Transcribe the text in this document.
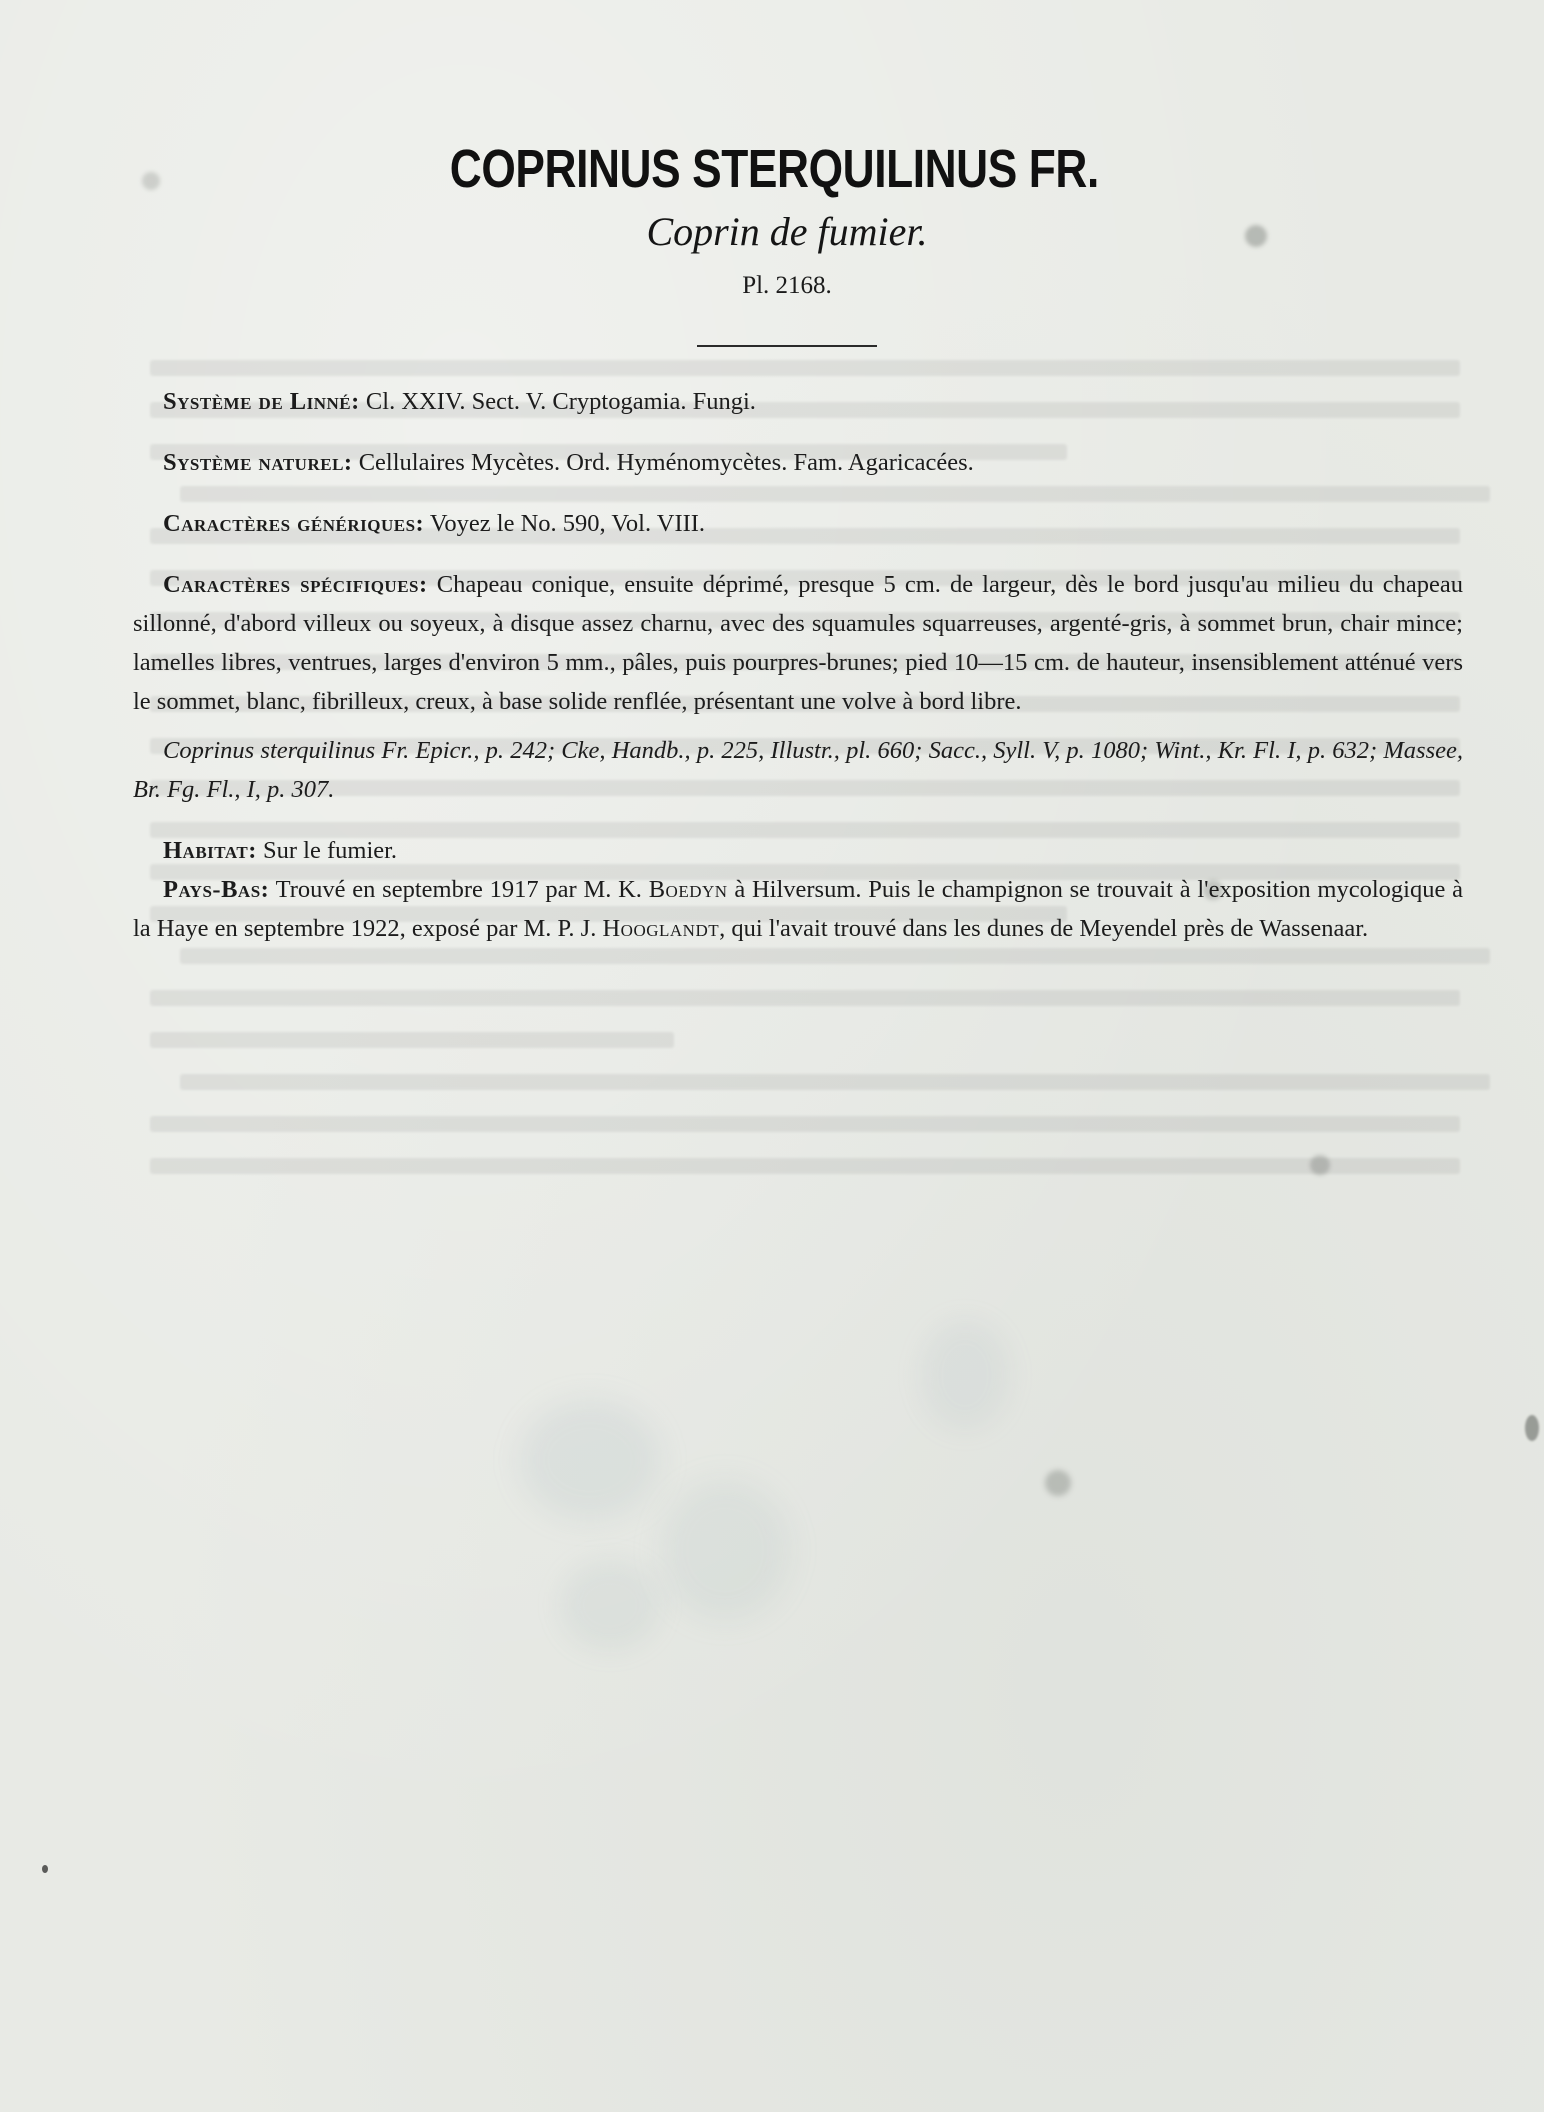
COPRINUS STERQUILINUS FR.
Coprin de fumier.
Pl. 2168.

Système de Linné: Cl. XXIV. Sect. V. Cryptogamia. Fungi.

Système naturel: Cellulaires Mycètes. Ord. Hyménomycètes. Fam. Agaricacées.

Caractères génériques: Voyez le No. 590, Vol. VIII.

Caractères spécifiques: Chapeau conique, ensuite déprimé, presque 5 cm. de largeur, dès le bord jusqu'au milieu du chapeau sillonné, d'abord villeux ou soyeux, à disque assez charnu, avec des squamules squarreuses, argenté-gris, à sommet brun, chair mince; lamelles libres, ventrues, larges d'environ 5 mm., pâles, puis pourpres-brunes; pied 10—15 cm. de hauteur, insensiblement atténué vers le sommet, blanc, fibrilleux, creux, à base solide renflée, présentant une volve à bord libre.

Coprinus sterquilinus Fr. Epicr., p. 242; Cke, Handb., p. 225, Illustr., pl. 660; Sacc., Syll. V, p. 1080; Wint., Kr. Fl. I, p. 632; Massee, Br. Fg. Fl., I, p. 307.

Habitat: Sur le fumier.

Pays-Bas: Trouvé en septembre 1917 par M. K. Boedyn à Hilversum. Puis le champignon se trouvait à l'exposition mycologique à la Haye en septembre 1922, exposé par M. P. J. Hooglandt, qui l'avait trouvé dans les dunes de Meyendel près de Wassenaar.
